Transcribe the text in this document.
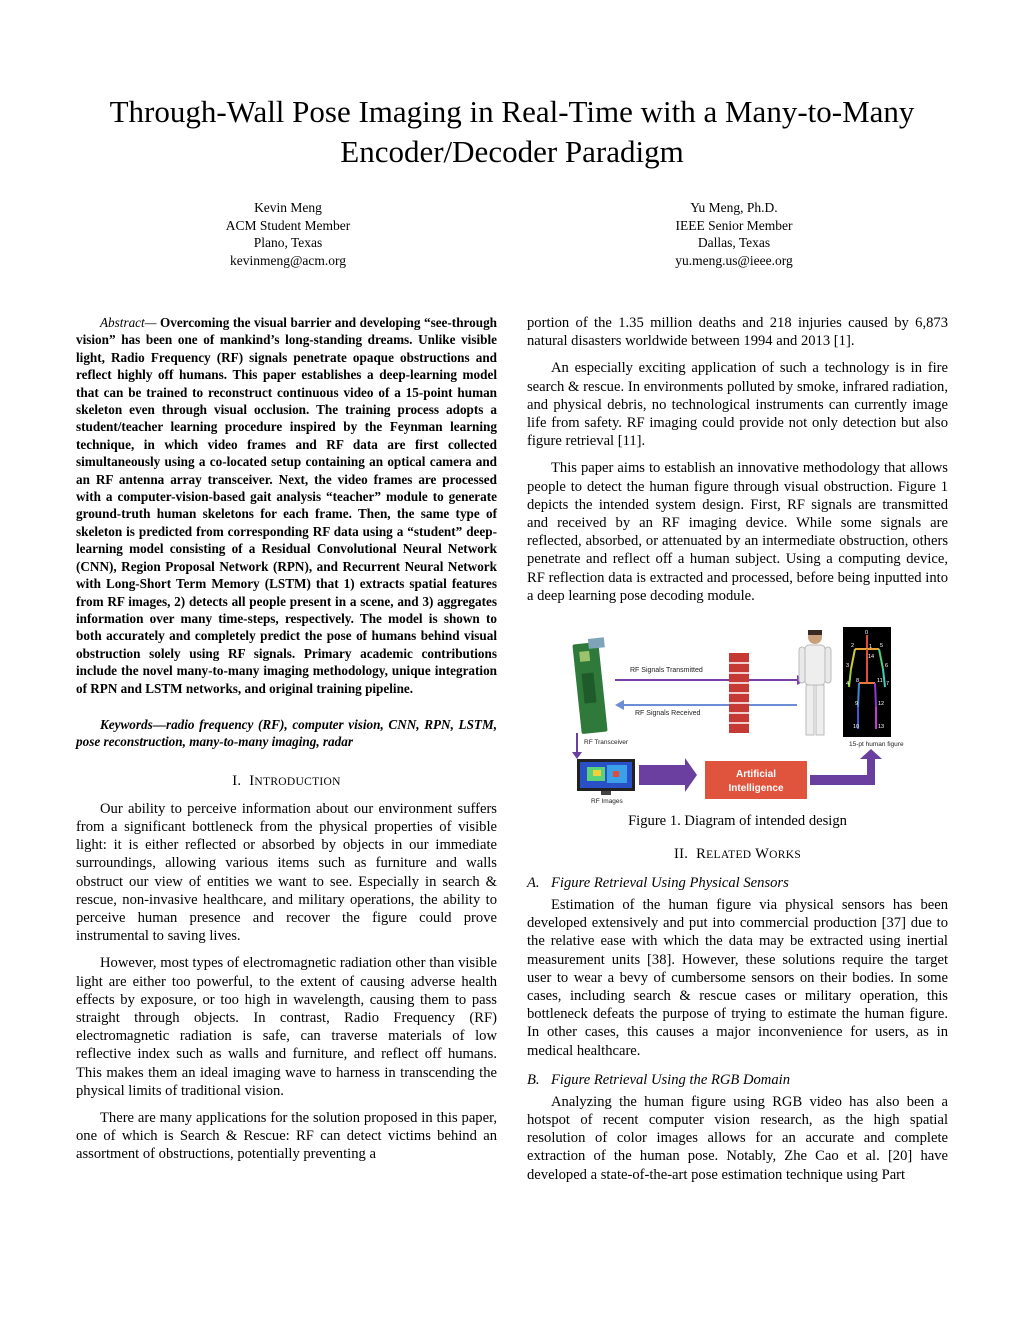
Through-Wall Pose Imaging in Real-Time with a Many-to-Many Encoder/Decoder Paradigm
Kevin Meng
ACM Student Member
Plano, Texas
kevinmeng@acm.org
Yu Meng, Ph.D.
IEEE Senior Member
Dallas, Texas
yu.meng.us@ieee.org

Abstract— Overcoming the visual barrier and developing “see-through vision” has been one of mankind’s long-standing dreams. Unlike visible light, Radio Frequency (RF) signals penetrate opaque obstructions and reflect highly off humans. This paper establishes a deep-learning model that can be trained to reconstruct continuous video of a 15-point human skeleton even through visual occlusion. The training process adopts a student/teacher learning procedure inspired by the Feynman learning technique, in which video frames and RF data are first collected simultaneously using a co-located setup containing an optical camera and an RF antenna array transceiver. Next, the video frames are processed with a computer-vision-based gait analysis “teacher” module to generate ground-truth human skeletons for each frame. Then, the same type of skeleton is predicted from corresponding RF data using a “student” deep-learning model consisting of a Residual Convolutional Neural Network (CNN), Region Proposal Network (RPN), and Recurrent Neural Network with Long-Short Term Memory (LSTM) that 1) extracts spatial features from RF images, 2) detects all people present in a scene, and 3) aggregates information over many time-steps, respectively. The model is shown to both accurately and completely predict the pose of humans behind visual obstruction solely using RF signals. Primary academic contributions include the novel many-to-many imaging methodology, unique integration of RPN and LSTM networks, and original training pipeline.

Keywords—radio frequency (RF), computer vision, CNN, RPN, LSTM, pose reconstruction, many-to-many imaging, radar

I. INTRODUCTION

Our ability to perceive information about our environment suffers from a significant bottleneck from the physical properties of visible light: it is either reflected or absorbed by objects in our immediate surroundings, allowing various items such as furniture and walls obstruct our view of entities we want to see. Especially in search & rescue, non-invasive healthcare, and military operations, the ability to perceive human presence and recover the figure could prove instrumental to saving lives.

However, most types of electromagnetic radiation other than visible light are either too powerful, to the extent of causing adverse health effects by exposure, or too high in wavelength, causing them to pass straight through objects. In contrast, Radio Frequency (RF) electromagnetic radiation is safe, can traverse materials of low reflective index such as walls and furniture, and reflect off humans. This makes them an ideal imaging wave to harness in transcending the physical limits of traditional vision.

There are many applications for the solution proposed in this paper, one of which is Search & Rescue: RF can detect victims behind an assortment of obstructions, potentially preventing a

portion of the 1.35 million deaths and 218 injuries caused by 6,873 natural disasters worldwide between 1994 and 2013 [1].

An especially exciting application of such a technology is in fire search & rescue. In environments polluted by smoke, infrared radiation, and physical debris, no technological instruments can currently image life from safety. RF imaging could provide not only detection but also figure retrieval [11].

This paper aims to establish an innovative methodology that allows people to detect the human figure through visual obstruction. Figure 1 depicts the intended system design. First, RF signals are transmitted and received by an RF imaging device. While some signals are reflected, absorbed, or attenuated by an intermediate obstruction, others penetrate and reflect off a human subject. Using a computing device, RF reflection data is extracted and processed, before being inputted into a deep learning pose decoding module.

RF Signals Transmitted
RF Signals Received
15-pt human figure
RF Transceiver
RF Images
Artificial
Intelligence
0
1
2
3
4
5
6
7
8
9
10
11
12
13
14
Figure 1. Diagram of intended design
II. RELATED WORKS
A. Figure Retrieval Using Physical Sensors

Estimation of the human figure via physical sensors has been developed extensively and put into commercial production [37] due to the relative ease with which the data may be extracted using inertial measurement units [38]. However, these solutions require the target user to wear a bevy of cumbersome sensors on their bodies. In some cases, including search & rescue cases or military operation, this bottleneck defeats the purpose of trying to estimate the human figure. In other cases, this causes a major inconvenience for users, as in medical healthcare.

B. Figure Retrieval Using the RGB Domain

Analyzing the human figure using RGB video has also been a hotspot of recent computer vision research, as the high spatial resolution of color images allows for an accurate and complete extraction of the human pose. Notably, Zhe Cao et al. [20] have developed a state-of-the-art pose estimation technique using Part
